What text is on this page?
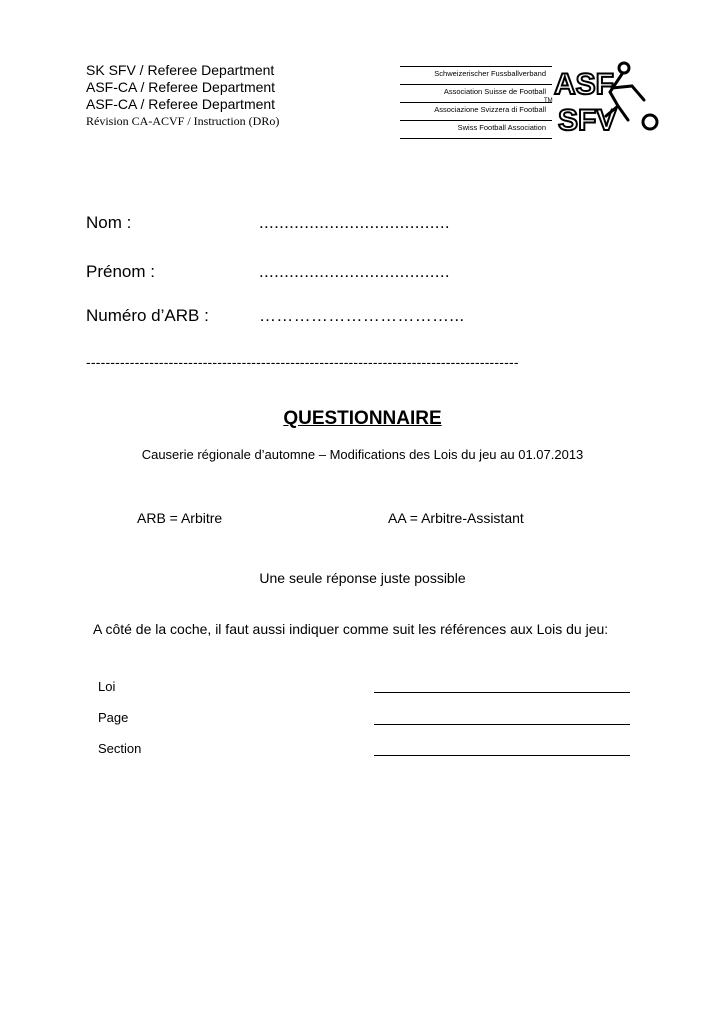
SK SFV / Referee Department
ASF-CA / Referee Department
ASF-CA / Referee Department
Révision CA-ACVF / Instruction (DRo)
Schweizerischer Fussballverband
Association Suisse de Football
Associazione Svizzera di Football
Swiss Football Association
ASF
SFV
TM
Nom :	......................................
Prénom :	......................................
Numéro d’ARB :	……………………………...
-----------------------------------------------------------------------------------------
QUESTIONNAIRE
Causerie régionale d’automne – Modifications des Lois du jeu au 01.07.2013
ARB = Arbitre	AA = Arbitre-Assistant
Une seule réponse juste possible
A côté de la coche, il faut aussi indiquer comme suit les références aux Lois du jeu:
Loi
Page
Section
